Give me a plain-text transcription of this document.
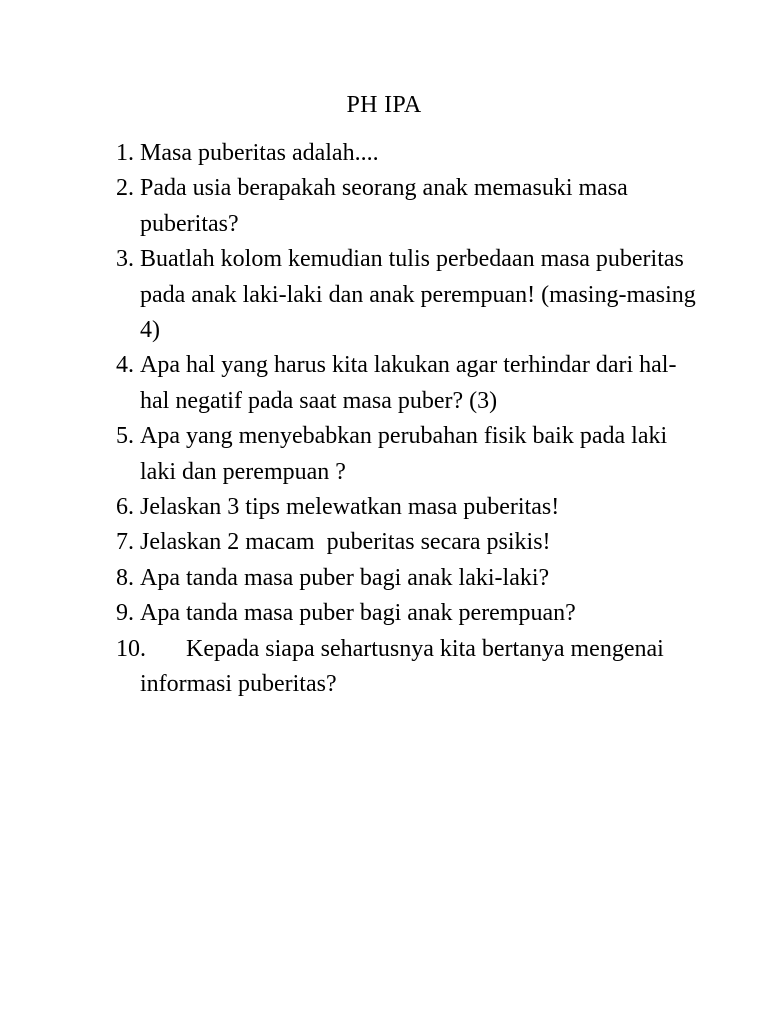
PH IPA
1. Masa puberitas adalah....
2. Pada usia berapakah seorang anak memasuki masa puberitas?
3. Buatlah kolom kemudian tulis perbedaan masa puberitas pada anak laki-laki dan anak perempuan! (masing-masing 4)
4. Apa hal yang harus kita lakukan agar terhindar dari hal-hal negatif pada saat masa puber? (3)
5. Apa yang menyebabkan perubahan fisik baik pada laki laki dan perempuan ?
6. Jelaskan 3 tips melewatkan masa puberitas!
7. Jelaskan 2 macam  puberitas secara psikis!
8. Apa tanda masa puber bagi anak laki-laki?
9. Apa tanda masa puber bagi anak perempuan?
10. Kepada siapa sehartusnya kita bertanya mengenai informasi puberitas?
